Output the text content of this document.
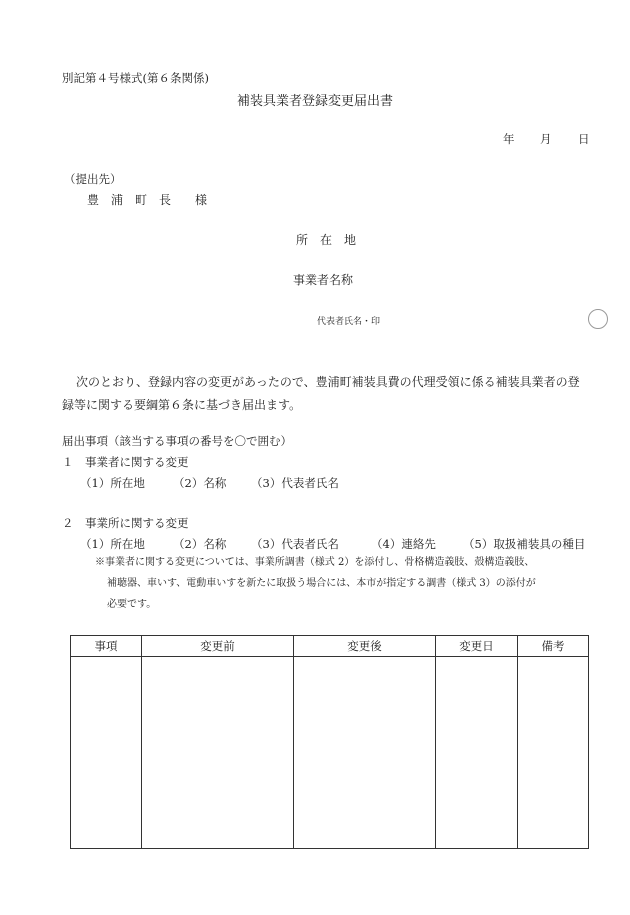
別記第４号様式(第６条関係)
補装具業者登録変更届出書
年 月 日
（提出先）
豊　浦　町　長　　様
所　在　地
事業者名称
代表者氏名・印
次のとおり、登録内容の変更があったので、豊浦町補装具費の代理受領に係る補装具業者の登
録等に関する要綱第６条に基づき届出ます。
届出事項（該当する事項の番号を〇で囲む）
１　事業者に関する変更
（1）所在地 （2）名称 （3）代表者氏名
２　事業所に関する変更
（1）所在地 （2）名称 （3）代表者氏名	（4）連絡先 （5）取扱補装具の種目
※事業者に関する変更については、事業所調書（様式 2）を添付し、骨格構造義肢、殻構造義肢、
補聴器、車いす、電動車いすを新たに取扱う場合には、本市が指定する調書（様式 3）の添付が
必要です。
事項	変更前	変更後	変更日	備考
